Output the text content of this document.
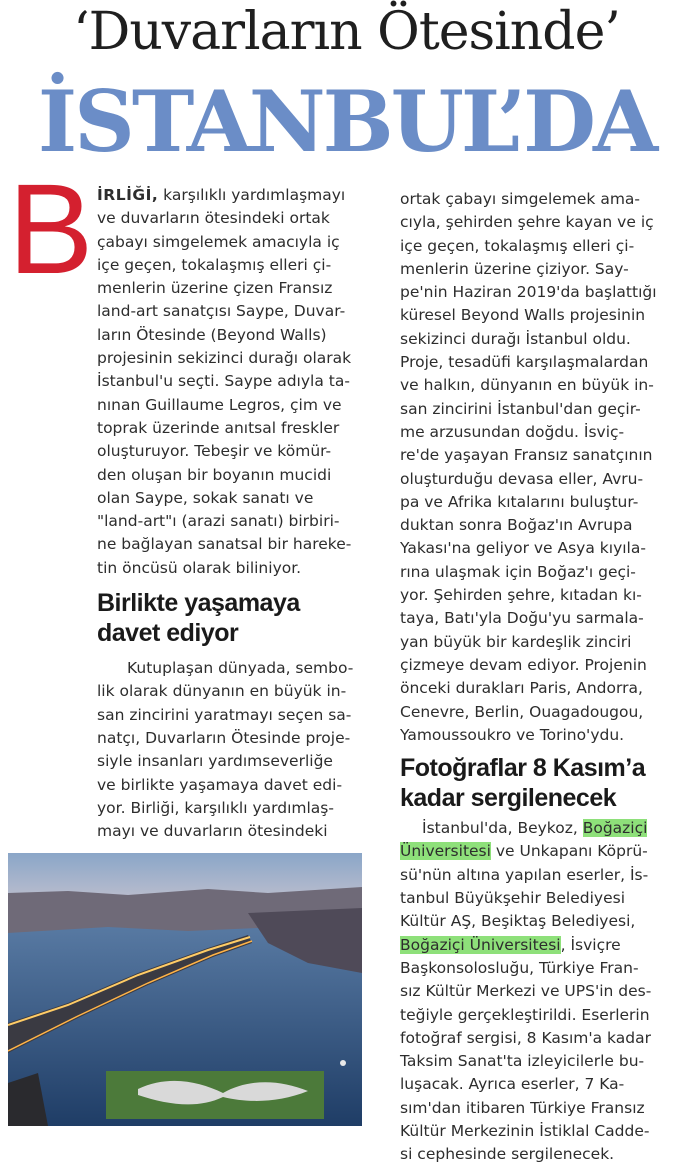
‘Duvarların Ötesinde’
İSTANBUL’DA
B İRLİĞİ, karşılıklı yardımlaşmayı
ve duvarların ötesindeki ortak
çabayı simgelemek amacıyla iç
içe geçen, tokalaşmış elleri çi-
menlerin üzerine çizen Fransız
land-art sanatçısı Saype, Duvar-
ların Ötesinde (Beyond Walls)
projesinin sekizinci durağı olarak
İstanbul'u seçti. Saype adıyla ta-
nınan Guillaume Legros, çim ve
toprak üzerinde anıtsal freskler
oluşturuyor. Tebeşir ve kömür-
den oluşan bir boyanın mucidi
olan Saype, sokak sanatı ve
"land-art"ı (arazi sanatı) birbiri-
ne bağlayan sanatsal bir hareke-
tin öncüsü olarak biliniyor.
Birlikte yaşamaya
davet ediyor
Kutuplaşan dünyada, sembo-
lik olarak dünyanın en büyük in-
san zincirini yaratmayı seçen sa-
natçı, Duvarların Ötesinde proje-
siyle insanları yardımseverliğe
ve birlikte yaşamaya davet edi-
yor. Birliği, karşılıklı yardımlaş-
mayı ve duvarların ötesindeki
ortak çabayı simgelemek ama-
cıyla, şehirden şehre kayan ve iç
içe geçen, tokalaşmış elleri çi-
menlerin üzerine çiziyor. Say-
pe'nin Haziran 2019'da başlattığı
küresel Beyond Walls projesinin
sekizinci durağı İstanbul oldu.
Proje, tesadüfi karşılaşmalardan
ve halkın, dünyanın en büyük in-
san zincirini İstanbul'dan geçir-
me arzusundan doğdu. İsviç-
re'de yaşayan Fransız sanatçının
oluşturduğu devasa eller, Avru-
pa ve Afrika kıtalarını buluştur-
duktan sonra Boğaz'ın Avrupa
Yakası'na geliyor ve Asya kıyıla-
rına ulaşmak için Boğaz'ı geçi-
yor. Şehirden şehre, kıtadan kı-
taya, Batı'yla Doğu'yu sarmala-
yan büyük bir kardeşlik zinciri
çizmeye devam ediyor. Projenin
önceki durakları Paris, Andorra,
Cenevre, Berlin, Ouagadougou,
Yamoussoukro ve Torino'ydu.
Fotoğraflar 8 Kasım’a
kadar sergilenecek
İstanbul'da, Beykoz, Boğaziçi
Üniversitesi ve Unkapanı Köprü-
sü'nün altına yapılan eserler, İs-
tanbul Büyükşehir Belediyesi
Kültür AŞ, Beşiktaş Belediyesi,
Boğaziçi Üniversitesi, İsviçre
Başkonsolosluğu, Türkiye Fran-
sız Kültür Merkezi ve UPS'in des-
teğiyle gerçekleştirildi. Eserlerin
fotoğraf sergisi, 8 Kasım'a kadar
Taksim Sanat'ta izleyicilerle bu-
luşacak. Ayrıca eserler, 7 Ka-
sım'dan itibaren Türkiye Fransız
Kültür Merkezinin İstiklal Cadde-
si cephesinde sergilenecek.
